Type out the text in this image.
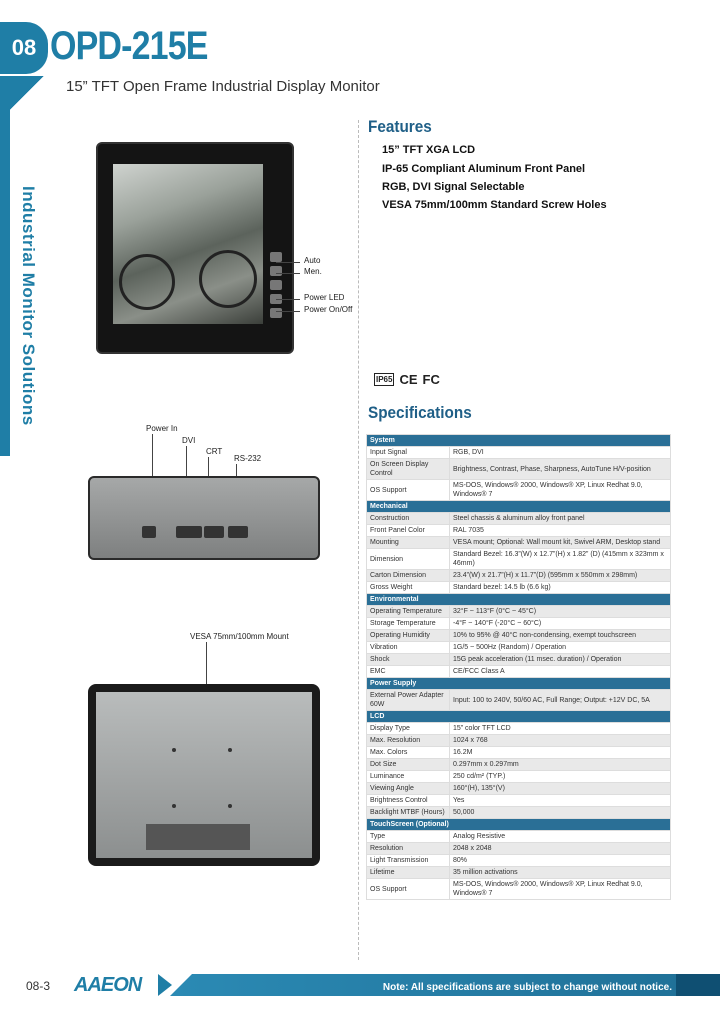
08 OPD-215E
15” TFT Open Frame Industrial Display Monitor
Industrial Monitor Solutions	Auto
Men.
Power LED
Power On/Off
Power In
DVI
CRT
RS-232
VESA 75mm/100mm Mount
Features
15” TFT XGA LCD
IP-65 Compliant Aluminum Front Panel
RGB, DVI Signal Selectable
VESA 75mm/100mm Standard Screw Holes
IP65 CE FC
Specifications
System	
Input Signal	RGB, DVI
On Screen Display Control	Brightness, Contrast, Phase, Sharpness, AutoTune H/V-position
OS Support	MS-DOS, Windows® 2000, Windows® XP, Linux Redhat 9.0, Windows® 7
Mechanical	
Construction	Steel chassis & aluminum alloy front panel
Front Panel Color	RAL 7035
Mounting	VESA mount; Optional: Wall mount kit, Swivel ARM, Desktop stand
Dimension	Standard Bezel: 16.3”(W) x 12.7”(H) x 1.82” (D) (415mm x 323mm x 46mm)
Carton Dimension	23.4”(W) x 21.7”(H) x 11.7”(D) (595mm x 550mm x 298mm)
Gross Weight	Standard bezel: 14.5 lb (6.6 kg)
Environmental	
Operating Temperature	32°F ~ 113°F (0°C ~ 45°C)
Storage Temperature	-4°F ~ 140°F (-20°C ~ 60°C)
Operating Humidity	10% to 95% @ 40°C non-condensing, exempt touchscreen
Vibration	1G/5 ~ 500Hz (Random) / Operation
Shock	15G peak acceleration (11 msec. duration) / Operation
EMC	CE/FCC Class A
Power Supply	
External Power Adapter 60W	Input: 100 to 240V, 50/60 AC, Full Range; Output: +12V DC, 5A
LCD	
Display Type	15” color TFT LCD
Max. Resolution	1024 x 768
Max. Colors	16.2M
Dot Size	0.297mm x 0.297mm
Luminance	250 cd/m² (TYP.)
Viewing Angle	160°(H), 135°(V)
Brightness Control	Yes
Backlight MTBF (Hours)	50,000
TouchScreen (Optional)	
Type	Analog Resistive
Resolution	2048 x 2048
Light Transmission	80%
Lifetime	35 million activations
OS Support	MS-DOS, Windows® 2000, Windows® XP, Linux Redhat 9.0, Windows® 7
08-3	AAEON	Note: All specifications are subject to change without notice.
